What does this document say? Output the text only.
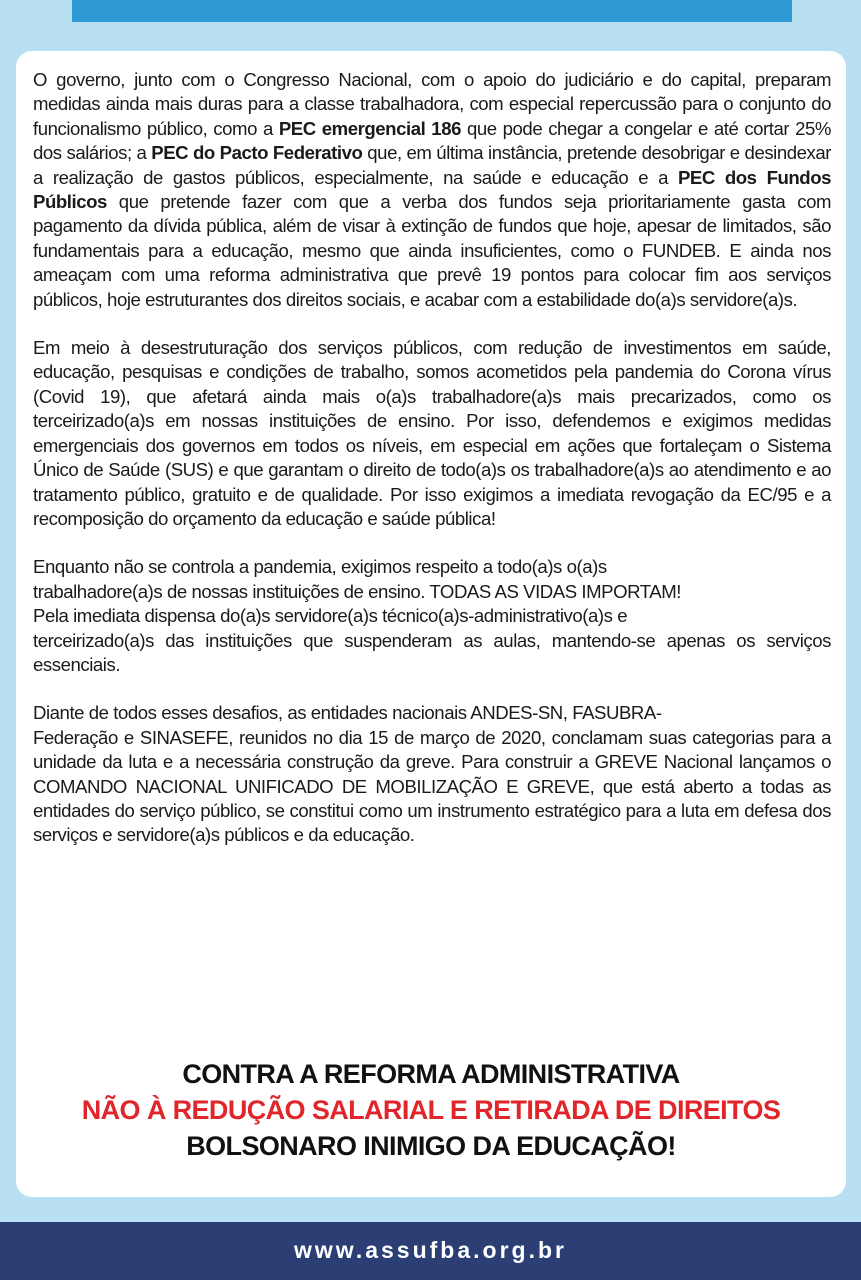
O governo, junto com o Congresso Nacional, com o apoio do judiciário e do capital, preparam medidas ainda mais duras para a classe trabalhadora, com especial repercussão para o conjunto do funcionalismo público, como a PEC emergencial 186 que pode chegar a congelar e até cortar 25% dos salários; a PEC do Pacto Federativo que, em última instância, pretende desobrigar e desindexar a realização de gastos públicos, especialmente, na saúde e educação e a PEC dos Fundos Públicos que pretende fazer com que a verba dos fundos seja prioritariamente gasta com pagamento da dívida pública, além de visar à extinção de fundos que hoje, apesar de limitados, são fundamentais para a educação, mesmo que ainda insuficientes, como o FUNDEB. E ainda nos ameaçam com uma reforma administrativa que prevê 19 pontos para colocar fim aos serviços públicos, hoje estruturantes dos direitos sociais, e acabar com a estabilidade do(a)s servidore(a)s.

Em meio à desestruturação dos serviços públicos, com redução de investimentos em saúde, educação, pesquisas e condições de trabalho, somos acometidos pela pandemia do Corona vírus (Covid 19), que afetará ainda mais o(a)s trabalhadore(a)s mais precarizados, como os terceirizado(a)s em nossas instituições de ensino. Por isso, defendemos e exigimos medidas emergenciais dos governos em todos os níveis, em especial em ações que fortaleçam o Sistema Único de Saúde (SUS) e que garantam o direito de todo(a)s os trabalhadore(a)s ao atendimento e ao tratamento público, gratuito e de qualidade. Por isso exigimos a imediata revogação da EC/95 e a recomposição do orçamento da educação e saúde pública!

Enquanto não se controla a pandemia, exigimos respeito a todo(a)s o(a)s
trabalhadore(a)s de nossas instituições de ensino. TODAS AS VIDAS IMPORTAM!
Pela imediata dispensa do(a)s servidore(a)s técnico(a)s-administrativo(a)s e
terceirizado(a)s das instituições que suspenderam as aulas, mantendo-se apenas os serviços essenciais.

Diante de todos esses desafios, as entidades nacionais ANDES-SN, FASUBRA-
Federação e SINASEFE, reunidos no dia 15 de março de 2020, conclamam suas categorias para a unidade da luta e a necessária construção da greve. Para construir a GREVE Nacional lançamos o COMANDO NACIONAL UNIFICADO DE MOBILIZAÇÃO E GREVE, que está aberto a todas as entidades do serviço público, se constitui como um instrumento estratégico para a luta em defesa dos serviços e servidore(a)s públicos e da educação.

CONTRA A REFORMA ADMINISTRATIVA
NÃO À REDUÇÃO SALARIAL E RETIRADA DE DIREITOS
BOLSONARO INIMIGO DA EDUCAÇÃO!
www.assufba.org.br
